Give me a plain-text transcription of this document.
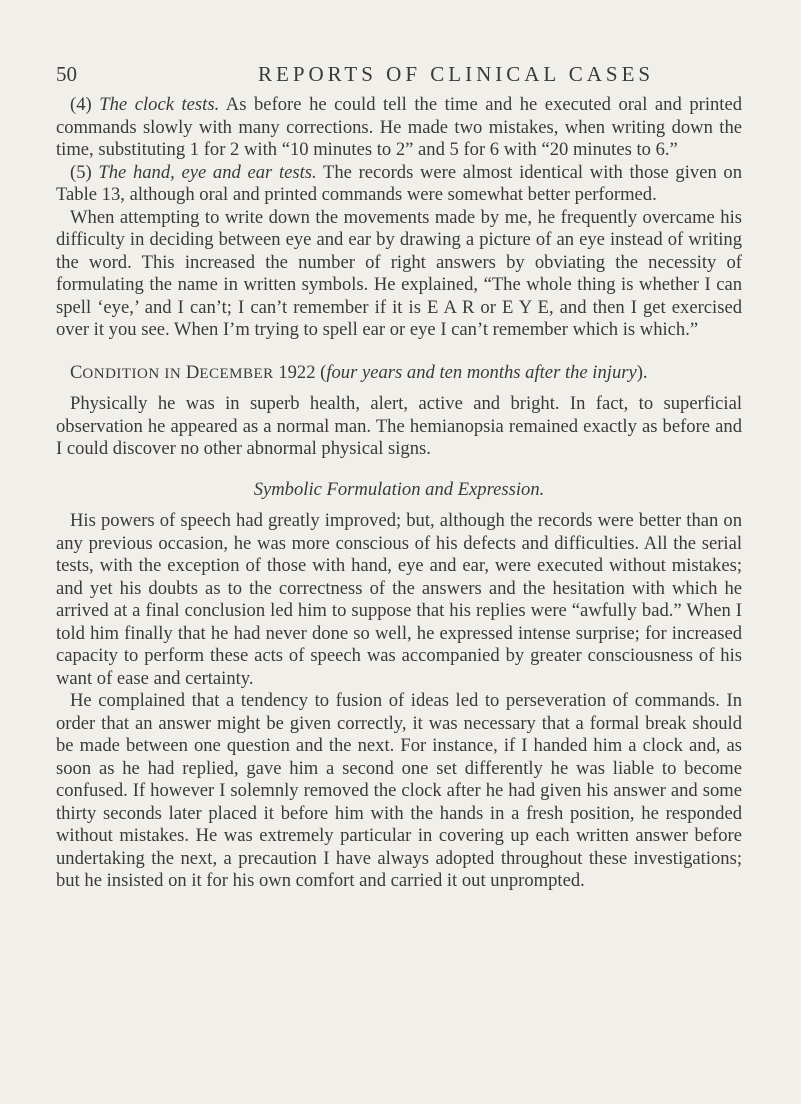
50	REPORTS OF CLINICAL CASES

(4) The clock tests. As before he could tell the time and he executed oral and printed commands slowly with many corrections. He made two mistakes, when writing down the time, substituting 1 for 2 with “10 minutes to 2” and 5 for 6 with “20 minutes to 6.”

(5) The hand, eye and ear tests. The records were almost identical with those given on Table 13, although oral and printed commands were somewhat better performed.

When attempting to write down the movements made by me, he frequently overcame his difficulty in deciding between eye and ear by drawing a picture of an eye instead of writing the word. This increased the number of right answers by obviating the necessity of formulating the name in written symbols. He explained, “The whole thing is whether I can spell ‘eye,’ and I can’t; I can’t remember if it is E A R or E Y E, and then I get exercised over it you see. When I’m trying to spell ear or eye I can’t remember which is which.”

CONDITION IN DECEMBER 1922 (four years and ten months after the injury).

Physically he was in superb health, alert, active and bright. In fact, to superficial observation he appeared as a normal man. The hemianopsia remained exactly as before and I could discover no other abnormal physical signs.

Symbolic Formulation and Expression.

His powers of speech had greatly improved; but, although the records were better than on any previous occasion, he was more conscious of his defects and difficulties. All the serial tests, with the exception of those with hand, eye and ear, were executed without mistakes; and yet his doubts as to the correctness of the answers and the hesitation with which he arrived at a final conclusion led him to suppose that his replies were “awfully bad.” When I told him finally that he had never done so well, he expressed intense surprise; for increased capacity to perform these acts of speech was accompanied by greater consciousness of his want of ease and certainty.

He complained that a tendency to fusion of ideas led to perseveration of commands. In order that an answer might be given correctly, it was necessary that a formal break should be made between one question and the next. For instance, if I handed him a clock and, as soon as he had replied, gave him a second one set differently he was liable to become confused. If however I solemnly removed the clock after he had given his answer and some thirty seconds later placed it before him with the hands in a fresh position, he responded without mistakes. He was extremely particular in covering up each written answer before undertaking the next, a precaution I have always adopted throughout these investigations; but he insisted on it for his own comfort and carried it out unprompted.
